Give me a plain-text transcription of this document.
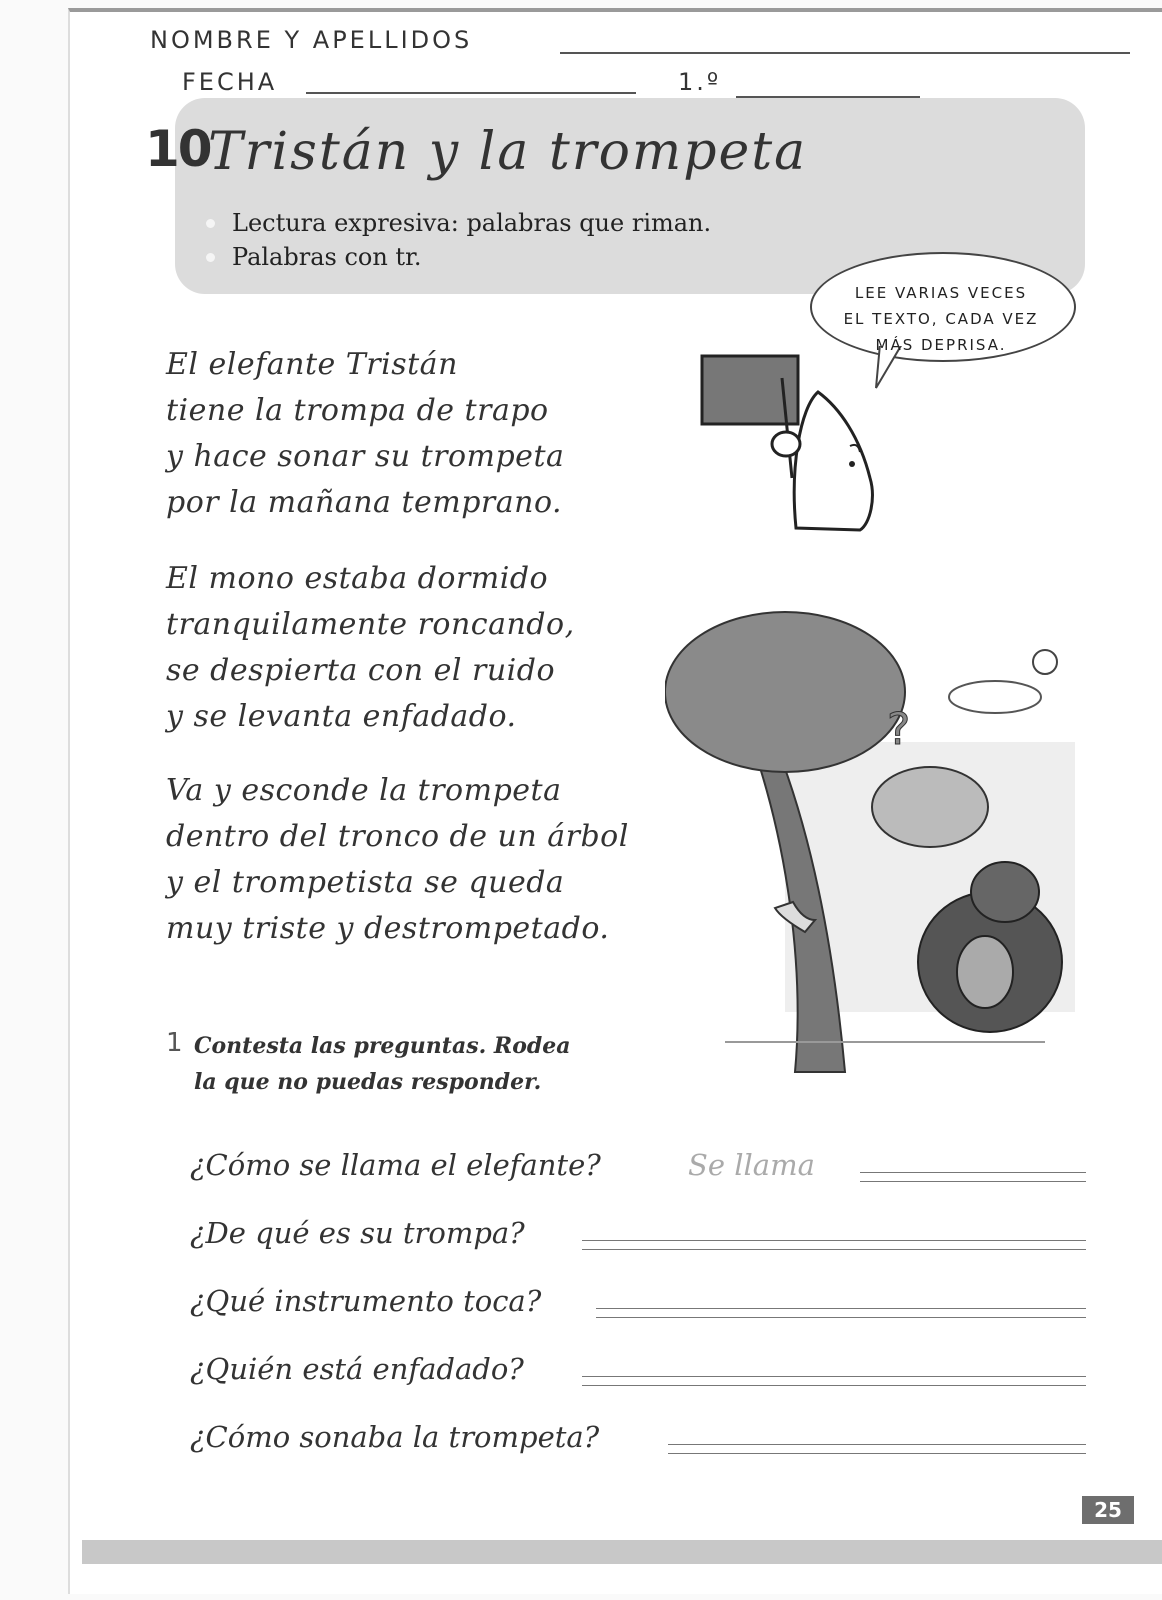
NOMBRE Y APELLIDOS
FECHA	1.º
10
Tristán y la trompeta
Lectura expresiva: palabras que riman.
Palabras con tr.
LEE VARIAS VECES
EL TEXTO, CADA VEZ
MÁS DEPRISA.
?
El elefante Tristán
tiene la trompa de trapo
y hace sonar su trompeta
por la mañana temprano.
El mono estaba dormido
tranquilamente roncando,
se despierta con el ruido
y se levanta enfadado.
Va y esconde la trompeta
dentro del tronco de un árbol
y el trompetista se queda
muy triste y destrompetado.
1 Contesta las preguntas. Rodea
la que no puedas responder.
¿Cómo se llama el elefante?	Se llama
¿De qué es su trompa?
¿Qué instrumento toca?
¿Quién está enfadado?
¿Cómo sonaba la trompeta?
25
